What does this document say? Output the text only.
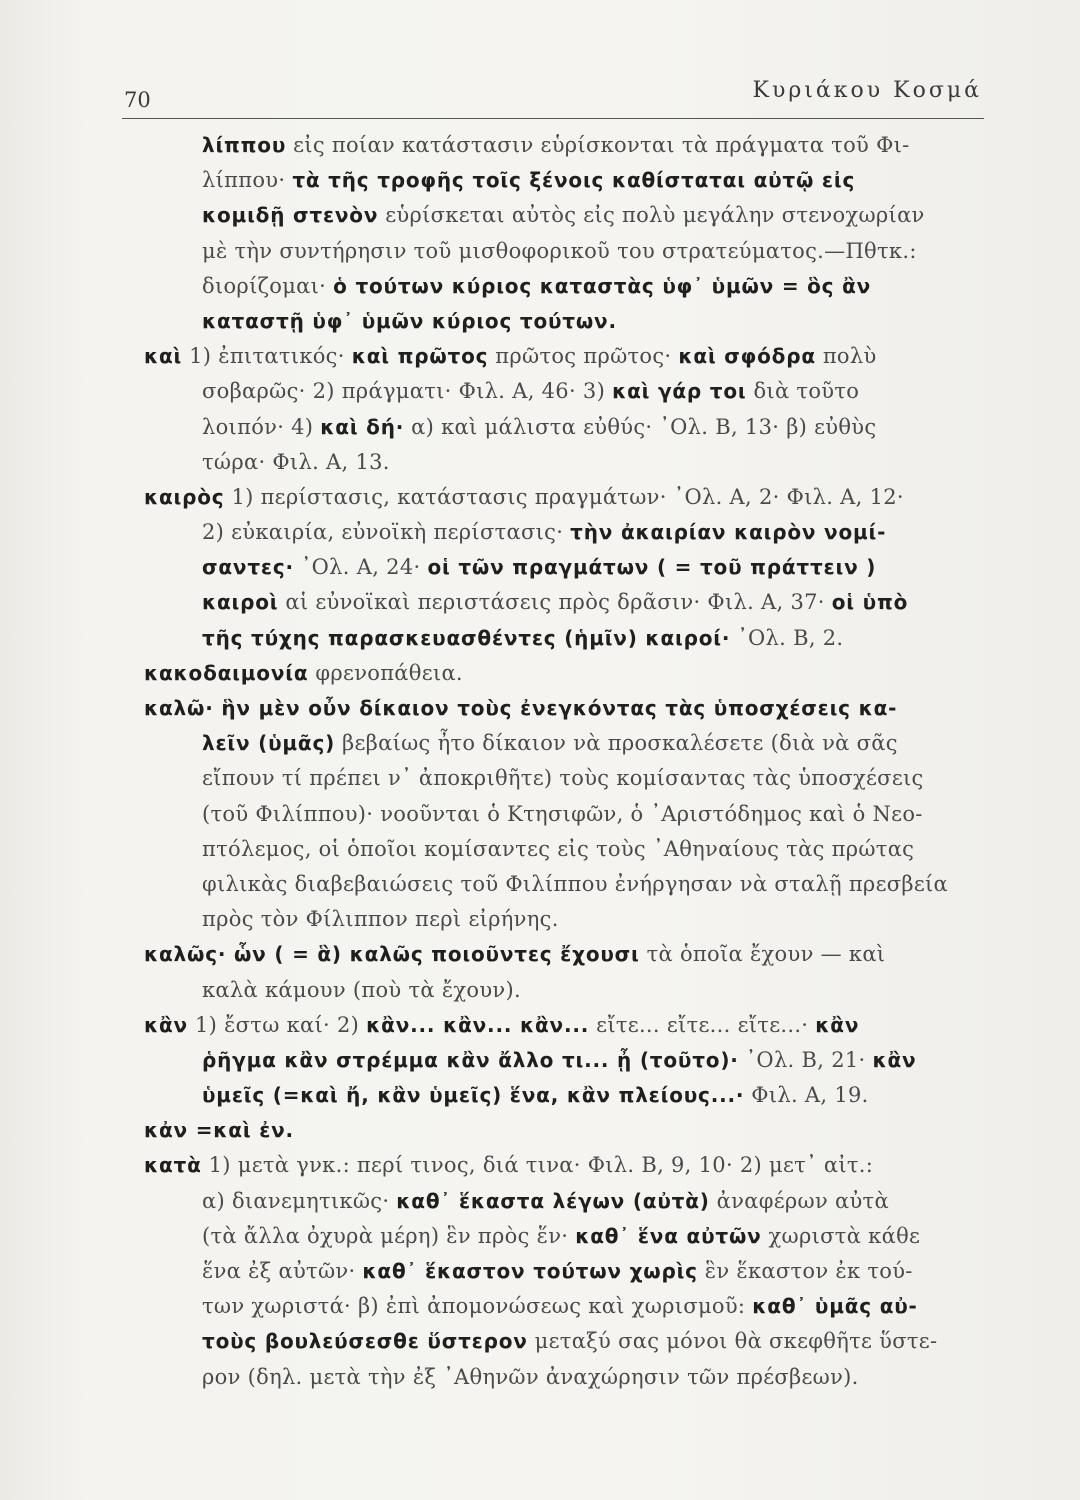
70	Κυριάκου Κοσμά
λίππου εἰς ποίαν κατάστασιν εὑρίσκονται τὰ πράγματα τοῦ Φι-
λίππου· τὰ τῆς τροφῆς τοῖς ξένοις καθίσταται αὐτῷ εἰς
κομιδῇ στενὸν εὑρίσκεται αὐτὸς εἰς πολὺ μεγάλην στενοχωρίαν
μὲ τὴν συντήρησιν τοῦ μισθοφορικοῦ του στρατεύματος.—Πθτκ.:
διορίζομαι· ὁ τούτων κύριος καταστὰς ὑφ᾽ ὑμῶν = ὃς ἂν
καταστῇ ὑφ᾽ ὑμῶν κύριος τούτων.
καὶ 1) ἐπιτατικός· καὶ πρῶτος πρῶτος πρῶτος· καὶ σφόδρα πολὺ
σοβαρῶς· 2) πράγματι· Φιλ. Α, 46· 3) καὶ γάρ τοι διὰ τοῦτο
λοιπόν· 4) καὶ δή· α) καὶ μάλιστα εὐθύς· ᾿Ολ. Β, 13· β) εὐθὺς
τώρα· Φιλ. Α, 13.
καιρὸς 1) περίστασις, κατάστασις πραγμάτων· ᾿Ολ. Α, 2· Φιλ. Α, 12·
2) εὐκαιρία, εὐνοϊκὴ περίστασις· τὴν ἀκαιρίαν καιρὸν νομί-
σαντες· ᾿Ολ. Α, 24· οἱ τῶν πραγμάτων ( = τοῦ πράττειν )
καιροὶ αἱ εὐνοϊκαὶ περιστάσεις πρὸς δρᾶσιν· Φιλ. Α, 37· οἱ ὑπὸ
τῆς τύχης παρασκευασθέντες (ἡμῖν) καιροί· ᾿Ολ. Β, 2.
κακοδαιμονία φρενοπάθεια.
καλῶ· ἣν μὲν οὖν δίκαιον τοὺς ἐνεγκόντας τὰς ὑποσχέσεις κα-
λεῖν (ὑμᾶς) βεβαίως ἦτο δίκαιον νὰ προσκαλέσετε (διὰ νὰ σᾶς
εἴπουν τί πρέπει ν᾽ ἀποκριθῆτε) τοὺς κομίσαντας τὰς ὑποσχέσεις
(τοῦ Φιλίππου)· νοοῦνται ὁ Κτησιφῶν, ὁ ᾿Αριστόδημος καὶ ὁ Νεο-
πτόλεμος, οἱ ὁποῖοι κομίσαντες εἰς τοὺς ᾿Αθηναίους τὰς πρώτας
φιλικὰς διαβεβαιώσεις τοῦ Φιλίππου ἐνήργησαν νὰ σταλῇ πρεσβεία
πρὸς τὸν Φίλιππον περὶ εἰρήνης.
καλῶς· ὧν ( = ἃ) καλῶς ποιοῦντες ἔχουσι τὰ ὁποῖα ἔχουν — καὶ
καλὰ κάμουν (ποὺ τὰ ἔχουν).
κἂν 1) ἔστω καί· 2) κἂν... κἂν... κἂν... εἴτε... εἴτε... εἴτε...· κἂν
ῥῆγμα κἂν στρέμμα κἂν ἄλλο τι... ᾖ (τοῦτο)· ᾿Ολ. Β, 21· κἂν
ὑμεῖς (=καὶ ἤ, κἂν ὑμεῖς) ἕνα, κἂν πλείους...· Φιλ. Α, 19.
κἀν =καὶ ἐν.
κατὰ 1) μετὰ γνκ.: περί τινος, διά τινα· Φιλ. Β, 9, 10· 2) μετ᾽ αἰτ.:
α) διανεμητικῶς· καθ᾽ ἕκαστα λέγων (αὐτὰ) ἀναφέρων αὐτὰ
(τὰ ἄλλα ὀχυρὰ μέρη) ἓν πρὸς ἕν· καθ᾽ ἕνα αὐτῶν χωριστὰ κάθε
ἕνα ἐξ αὐτῶν· καθ᾽ ἕκαστον τούτων χωρὶς ἓν ἕκαστον ἐκ τού-
των χωριστά· β) ἐπὶ ἀπομονώσεως καὶ χωρισμοῦ: καθ᾽ ὑμᾶς αὐ-
τοὺς βουλεύσεσθε ὕστερον μεταξύ σας μόνοι θὰ σκεφθῆτε ὕστε-
ρον (δηλ. μετὰ τὴν ἐξ ᾿Αθηνῶν ἀναχώρησιν τῶν πρέσβεων).
